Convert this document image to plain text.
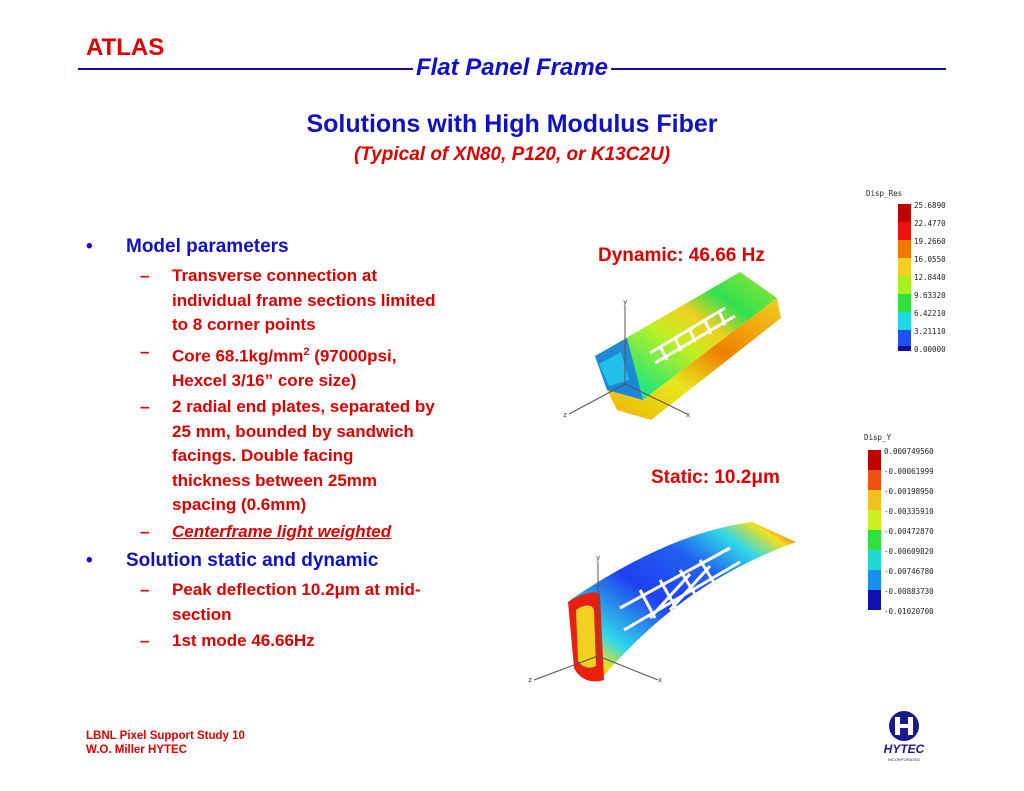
ATLAS
Flat Panel Frame
Solutions with High Modulus Fiber
(Typical of XN80, P120, or K13C2U)
• Model parameters
– Transverse connection at
individual frame sections limited
to 8 corner points
– Core $68.1kg/mm^2$ (97000psi,
Hexcel 3/16” core size)
– 2 radial end plates, separated by
25 mm, bounded by sandwich
facings. Double facing
thickness between 25mm
spacing (0.6mm)
– Centerframe light weighted
• Solution static and dynamic
– Peak deflection 10.2μm at mid-
section
– 1st mode 46.66Hz
Dynamic: 46.66 Hz
Static: 10.2μm
y
x
z
y
x
z
Disp_Res
25.6890
22.4770
19.2660
16.0550
12.8440
9.63320
6.42210
3.21110
0.00000
Disp_Y
0.000749560
-0.00061999
-0.00198950
-0.00335910
-0.00472870
-0.00609820
-0.00746780
-0.00883730
-0.01020700
LBNL Pixel Support Study 10
W.O. Miller HYTEC	HYTEC
INCORPORATED
